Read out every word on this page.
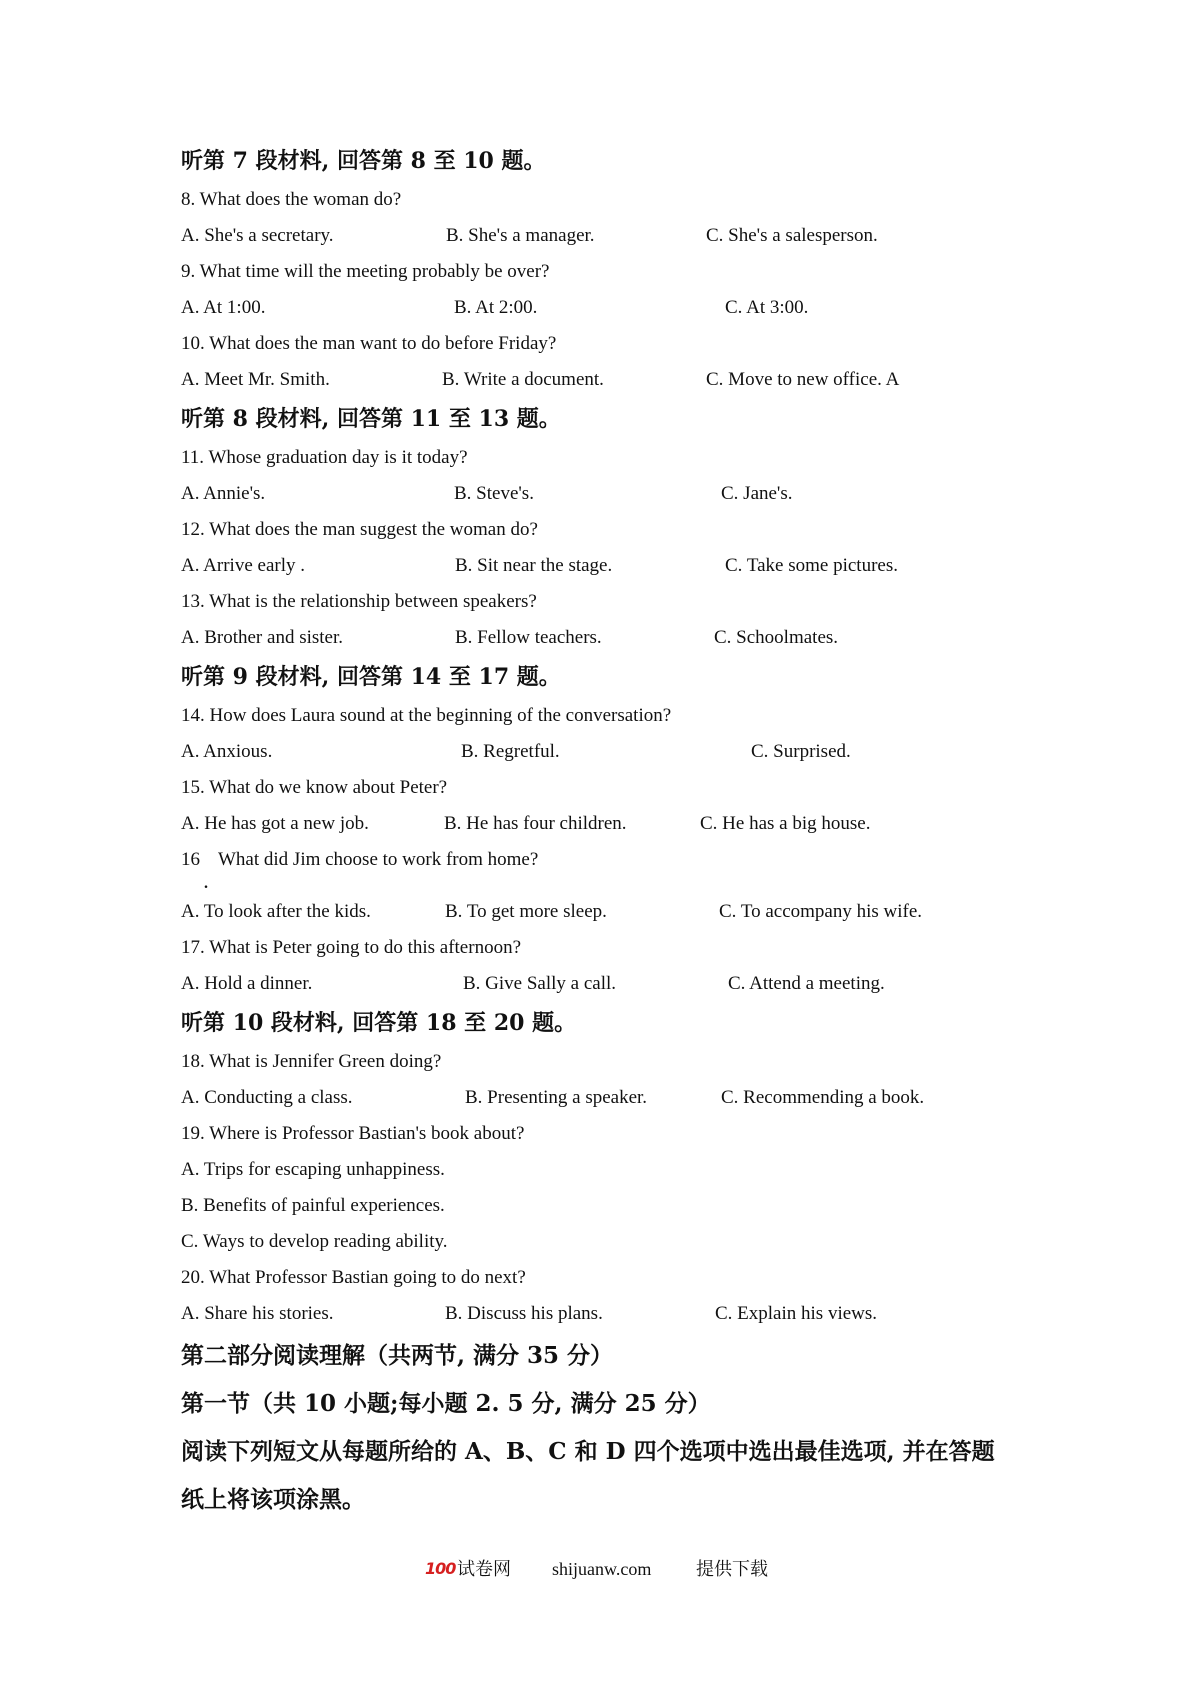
听第 7 段材料, 回答第 8 至 10 题。
8. What does the woman do?
A. She's a secretary.	B. She's a manager.	C. She's a salesperson.
9. What time will the meeting probably be over?
A. At 1:00.	B. At 2:00.	C. At 3:00.
10. What does the man want to do before Friday?
A. Meet Mr. Smith.	B. Write a document.	C. Move to new office. A
听第 8 段材料, 回答第 11 至 13 题。
11. Whose graduation day is it today?
A. Annie's.	B. Steve's.	C. Jane's.
12. What does the man suggest the woman do?
A. Arrive early .	B. Sit near the stage.	C. Take some pictures.
13. What is the relationship between speakers?
A. Brother and sister.	B. Fellow teachers.	C. Schoolmates.
听第 9 段材料, 回答第 14 至 17 题。
14. How does Laura sound at the beginning of the conversation?
A. Anxious.	B. Regretful.	C. Surprised.
15. What do we know about Peter?
A. He has got a new job.	B. He has four children.	C. He has a big house.
16
.
What did Jim choose to work from home?
A. To look after the kids.	B. To get more sleep.	C. To accompany his wife.
17. What is Peter going to do this afternoon?
A. Hold a dinner.	B. Give Sally a call.	C. Attend a meeting.
听第 10 段材料, 回答第 18 至 20 题。
18. What is Jennifer Green doing?
A. Conducting a class.	B. Presenting a speaker.	C. Recommending a book.
19. Where is Professor Bastian's book about?
A. Trips for escaping unhappiness.
B. Benefits of painful experiences.
C. Ways to develop reading ability.
20. What Professor Bastian going to do next?
A. Share his stories.	B. Discuss his plans.	C. Explain his views.
第二部分阅读理解（共两节, 满分 35 分）
第一节（共 10 小题;每小题 2. 5 分, 满分 25 分）
阅读下列短文从每题所给的 A、B、C 和 D 四个选项中选出最佳选项, 并在答题
纸上将该项涂黑。
100 试卷网 shijuanw.com 提供下载
